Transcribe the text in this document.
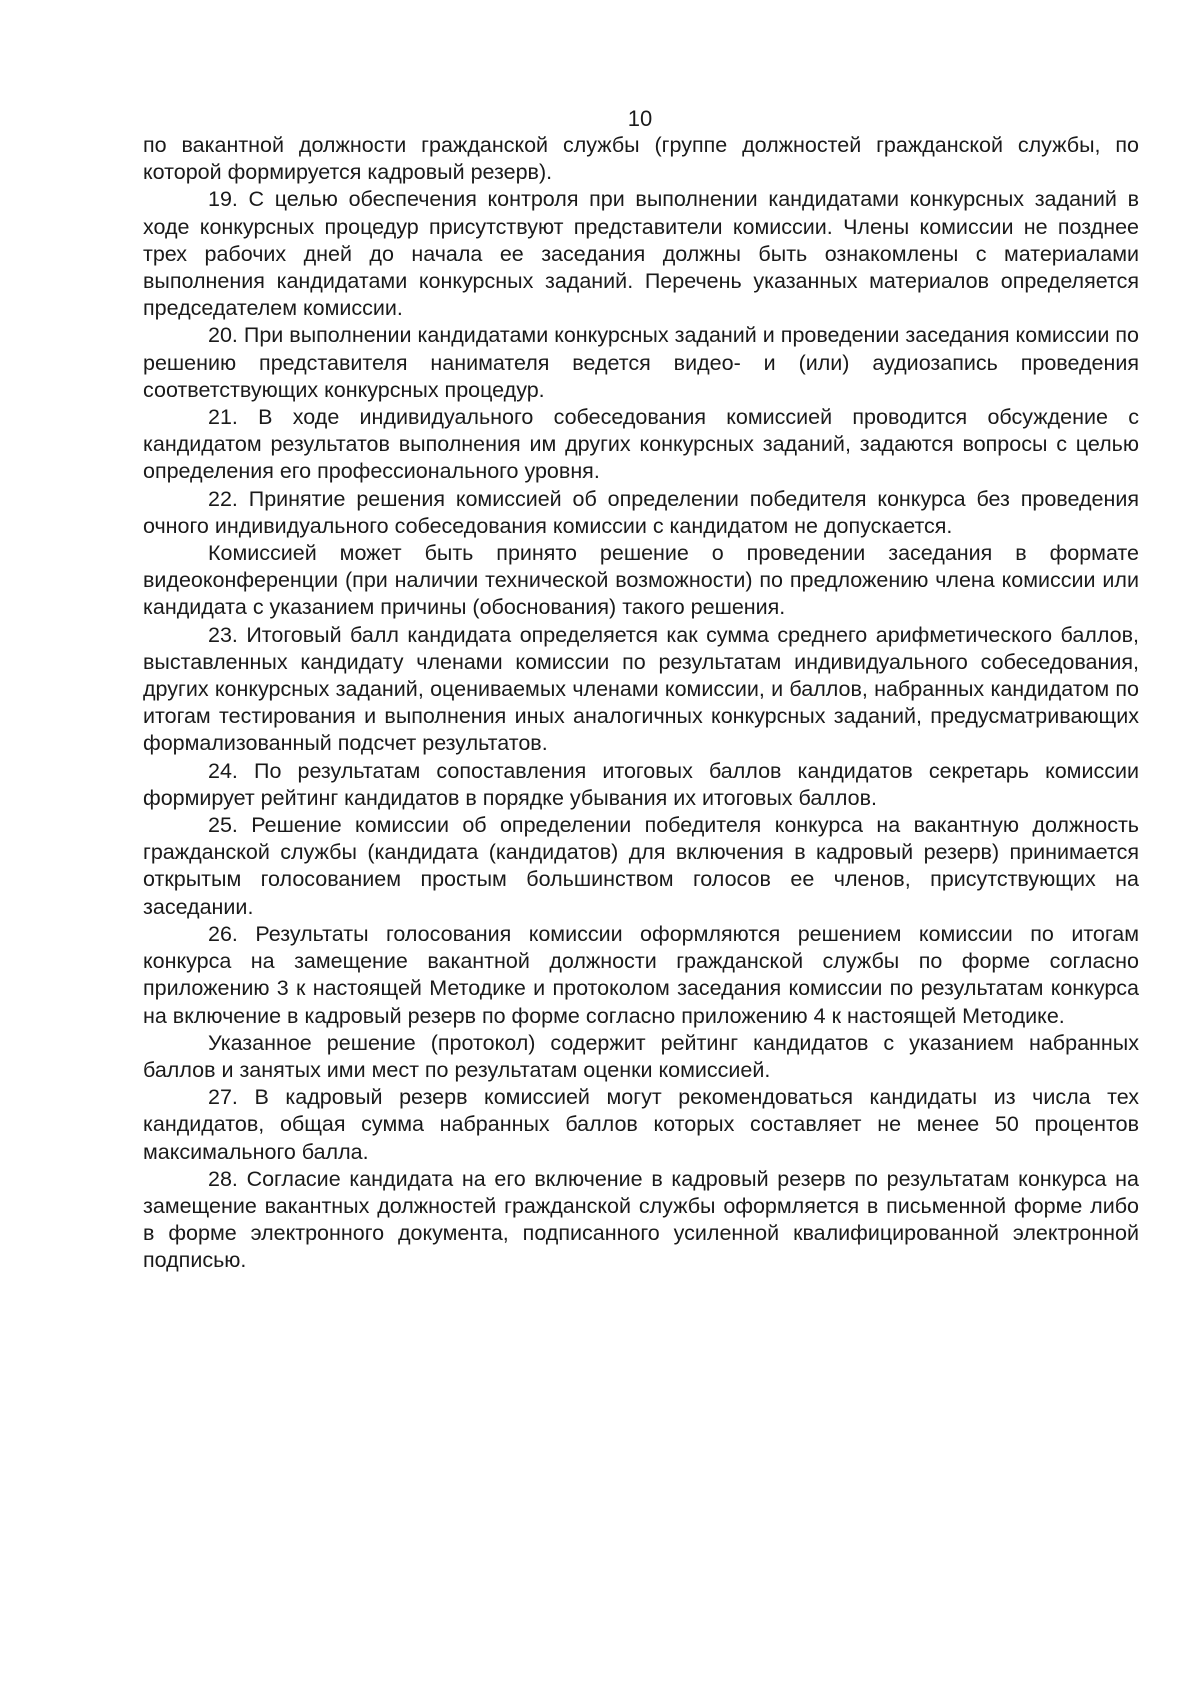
10

по вакантной должности гражданской службы (группе должностей гражданской службы, по которой формируется кадровый резерв).

19. С целью обеспечения контроля при выполнении кандидатами конкурсных заданий в ходе конкурсных процедур присутствуют представители комиссии. Члены комиссии не позднее трех рабочих дней до начала ее заседания должны быть ознакомлены с материалами выполнения кандидатами конкурсных заданий. Перечень указанных материалов определяется председателем комиссии.

20. При выполнении кандидатами конкурсных заданий и проведении заседания комиссии по решению представителя нанимателя ведется видео- и (или) аудиозапись проведения соответствующих конкурсных процедур.

21. В ходе индивидуального собеседования комиссией проводится обсуждение с кандидатом результатов выполнения им других конкурсных заданий, задаются вопросы с целью определения его профессионального уровня.

22. Принятие решения комиссией об определении победителя конкурса без проведения очного индивидуального собеседования комиссии с кандидатом не допускается.

Комиссией может быть принято решение о проведении заседания в формате видеоконференции (при наличии технической возможности) по предложению члена комиссии или кандидата с указанием причины (обоснования) такого решения.

23. Итоговый балл кандидата определяется как сумма среднего арифметического баллов, выставленных кандидату членами комиссии по результатам индивидуального собеседования, других конкурсных заданий, оцениваемых членами комиссии, и баллов, набранных кандидатом по итогам тестирования и выполнения иных аналогичных конкурсных заданий, предусматривающих формализованный подсчет результатов.

24. По результатам сопоставления итоговых баллов кандидатов секретарь комиссии формирует рейтинг кандидатов в порядке убывания их итоговых баллов.

25. Решение комиссии об определении победителя конкурса на вакантную должность гражданской службы (кандидата (кандидатов) для включения в кадровый резерв) принимается открытым голосованием простым большинством голосов ее членов, присутствующих на заседании.

26. Результаты голосования комиссии оформляются решением комиссии по итогам конкурса на замещение вакантной должности гражданской службы по форме согласно приложению 3 к настоящей Методике и протоколом заседания комиссии по результатам конкурса на включение в кадровый резерв по форме согласно приложению 4 к настоящей Методике.

Указанное решение (протокол) содержит рейтинг кандидатов с указанием набранных баллов и занятых ими мест по результатам оценки комиссией.

27. В кадровый резерв комиссией могут рекомендоваться кандидаты из числа тех кандидатов, общая сумма набранных баллов которых составляет не менее 50 процентов максимального балла.

28. Согласие кандидата на его включение в кадровый резерв по результатам конкурса на замещение вакантных должностей гражданской службы оформляется в письменной форме либо в форме электронного документа, подписанного усиленной квалифицированной электронной подписью.
